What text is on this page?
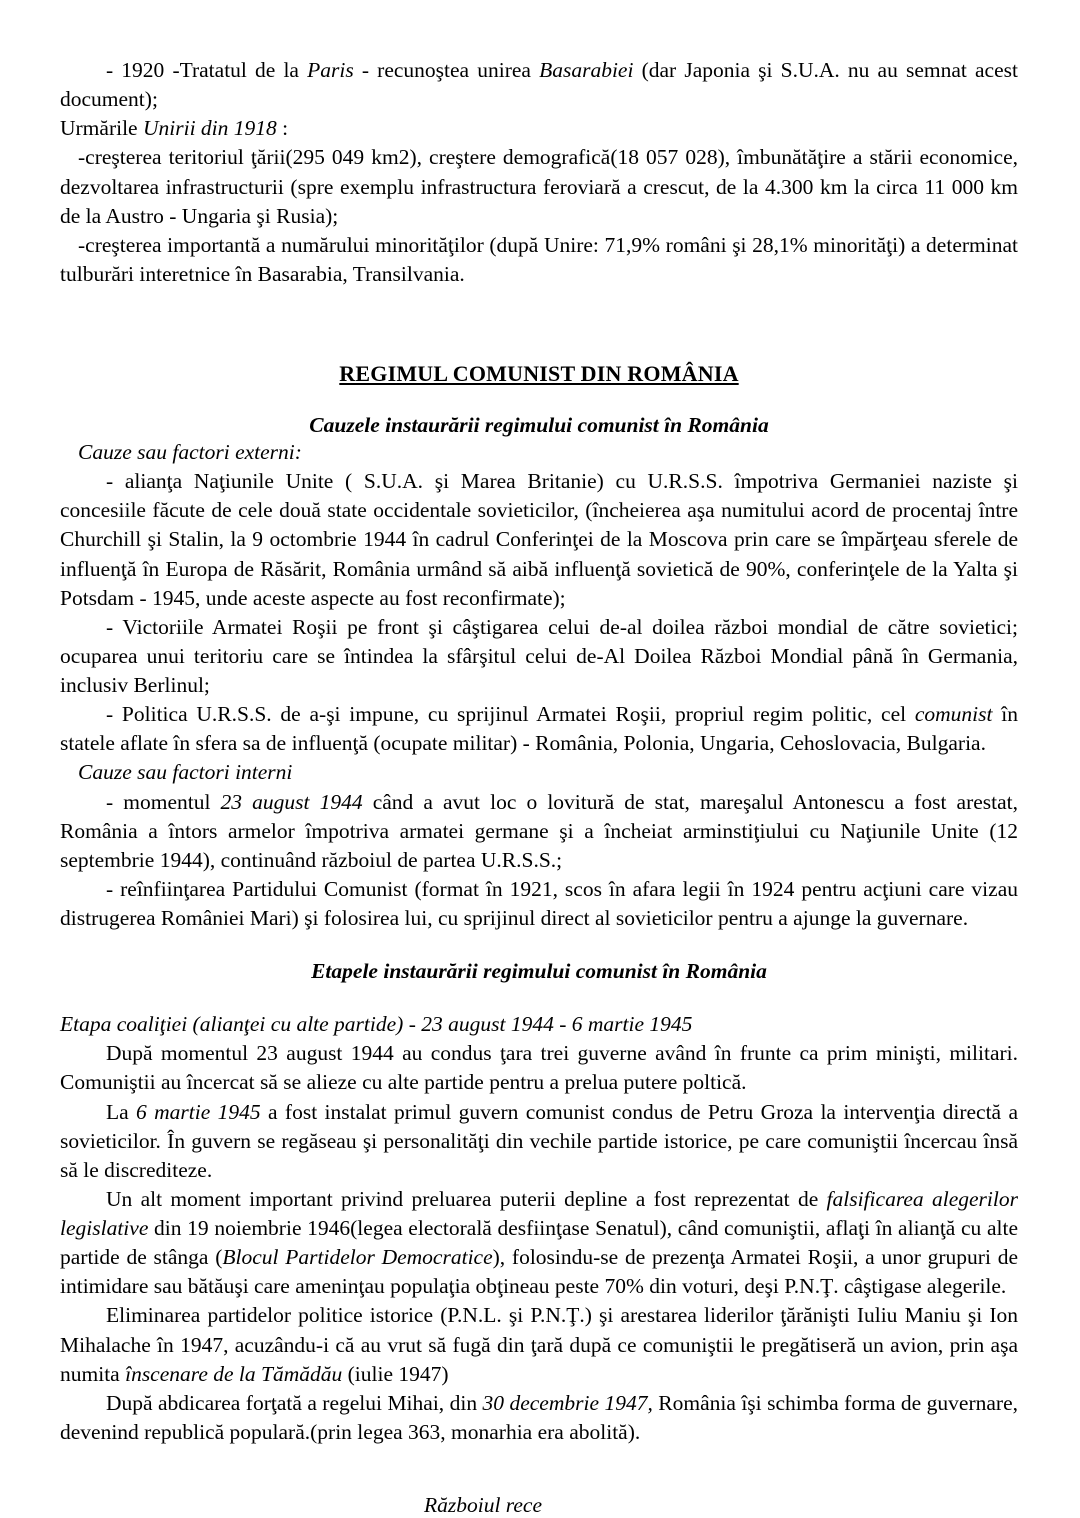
- 1920 -Tratatul de la Paris - recunoştea unirea Basarabiei (dar Japonia şi S.U.A. nu au semnat acest document);

Urmările Unirii din 1918 :

-creşterea teritoriul ţării(295 049 km2), creştere demografică(18 057 028), îmbunătăţire a stării economice, dezvoltarea infrastructurii (spre exemplu infrastructura feroviară a crescut, de la 4.300 km la circa 11 000 km de la Austro - Ungaria şi Rusia);

-creşterea importantă a numărului minorităţilor (după Unire: 71,9% români şi 28,1% minorităţi) a determinat tulburări interetnice în Basarabia, Transilvania.

REGIMUL COMUNIST DIN ROMÂNIA
Cauzele instaurării regimului comunist în România

Cauze sau factori externi:

- alianţa Naţiunile Unite ( S.U.A. şi Marea Britanie) cu U.R.S.S. împotriva Germaniei naziste şi concesiile făcute de cele două state occidentale sovieticilor, (încheierea aşa numitului acord de procentaj între Churchill şi Stalin, la 9 octombrie 1944 în cadrul Conferinţei de la Moscova prin care se împărţeau sferele de influenţă în Europa de Răsărit, România urmând să aibă influenţă sovietică de 90%, conferinţele de la Yalta şi Potsdam - 1945, unde aceste aspecte au fost reconfirmate);

- Victoriile Armatei Roşii pe front şi câştigarea celui de-al doilea război mondial de către sovietici; ocuparea unui teritoriu care se întindea la sfârşitul celui de-Al Doilea Război Mondial până în Germania, inclusiv Berlinul;

- Politica U.R.S.S. de a-şi impune, cu sprijinul Armatei Roşii, propriul regim politic, cel comunist în statele aflate în sfera sa de influenţă (ocupate militar) - România, Polonia, Ungaria, Cehoslovacia, Bulgaria.

Cauze sau factori interni

- momentul 23 august 1944 când a avut loc o lovitură de stat, mareşalul Antonescu a fost arestat, România a întors armelor împotriva armatei germane şi a încheiat arminstiţiului cu Naţiunile Unite (12 septembrie 1944), continuând războiul de partea U.R.S.S.;

- reînfiinţarea Partidului Comunist (format în 1921, scos în afara legii în 1924 pentru acţiuni care vizau distrugerea României Mari) şi folosirea lui, cu sprijinul direct al sovieticilor pentru a ajunge la guvernare.

Etapele instaurării regimului comunist în România

Etapa coaliţiei (alianţei cu alte partide) - 23 august 1944 - 6 martie 1945

După momentul 23 august 1944 au condus ţara trei guverne având în frunte ca prim minişti, militari. Comuniştii au încercat să se alieze cu alte partide pentru a prelua putere poltică.

La 6 martie 1945 a fost instalat primul guvern comunist condus de Petru Groza la intervenţia directă a sovieticilor. În guvern se regăseau şi personalităţi din vechile partide istorice, pe care comuniştii încercau însă să le discrediteze.

Un alt moment important privind preluarea puterii depline a fost reprezentat de falsificarea alegerilor legislative din 19 noiembrie 1946(legea electorală desfiinţase Senatul), când comuniştii, aflaţi în alianţă cu alte partide de stânga (Blocul Partidelor Democratice), folosindu-se de prezenţa Armatei Roşii, a unor grupuri de intimidare sau bătăuşi care ameninţau populaţia obţineau peste 70% din voturi, deşi P.N.Ţ. câştigase alegerile.

Eliminarea partidelor politice istorice (P.N.L. şi P.N.Ţ.) şi arestarea liderilor ţărănişti Iuliu Maniu şi Ion Mihalache în 1947, acuzându-i că au vrut să fugă din ţară după ce comuniştii le pregătiseră un avion, prin aşa numita înscenare de la Tămădău (iulie 1947)

După abdicarea forţată a regelui Mihai, din 30 decembrie 1947, România îşi schimba forma de guvernare, devenind republică populară.(prin legea 363, monarhia era abolită).

Războiul rece
